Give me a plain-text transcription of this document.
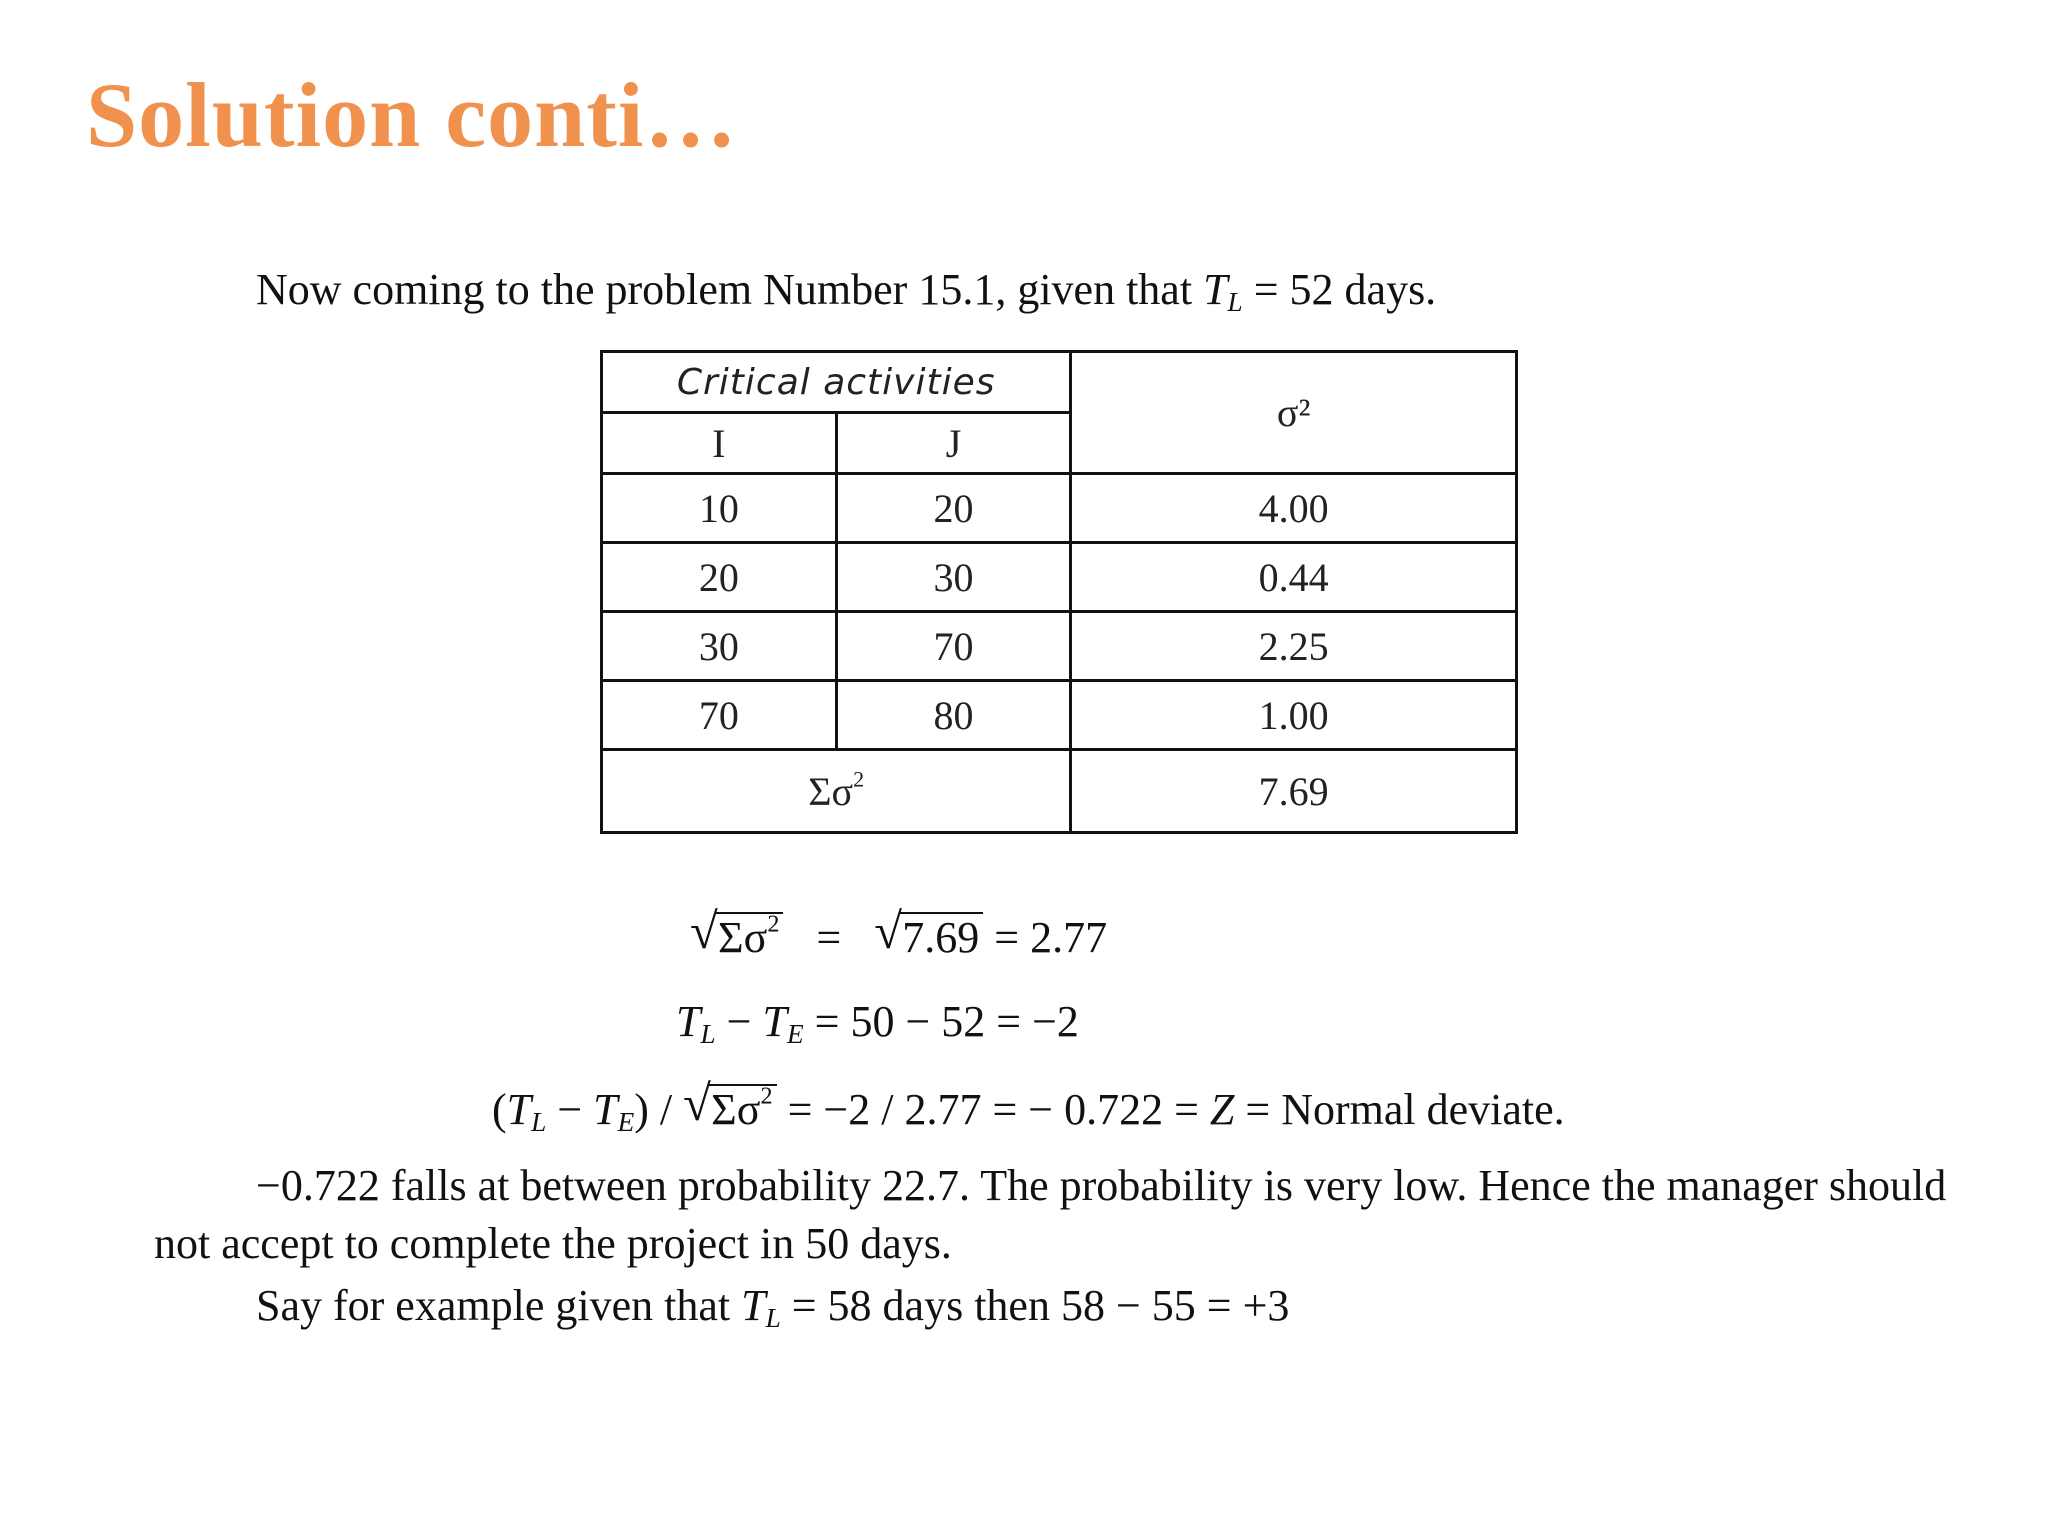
Solution conti…
Now coming to the problem Number 15.1, given that $T_L = 52$ days.
Critical activities		σ²
I	J	
10	20	4.00
20	30	0.44
30	70	2.25
70	80	1.00
$\Sigma\sigma^2$		7.69
√ $\Sigma\sigma^2$ = √ 7.69 = 2.77
$T_L - T_E = 50 - 52 = -2$
$(T_L - T_E)$ / √ $\Sigma\sigma^2 = -2 / 2.77$ = − 0.722 = Z = Normal deviate.
−0.722 falls at between probability 22.7. The probability is very low. Hence the manager should
not accept to complete the project in 50 days.
Say for example given that $T_L = 58$ days then 58 − 55 = +3
